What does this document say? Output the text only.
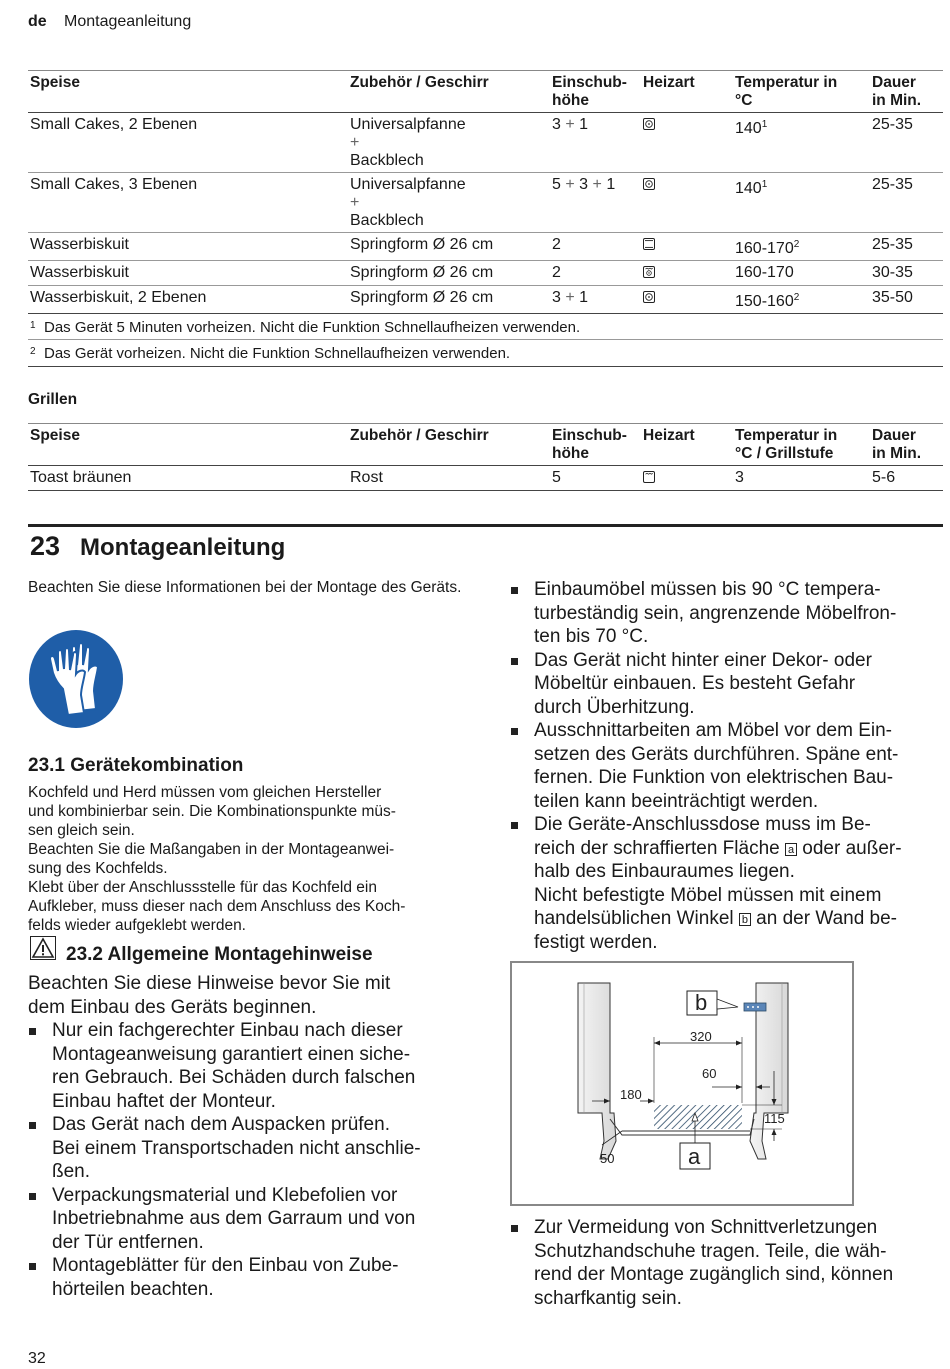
de Montageanleitung
Speise	Zubehör / Geschirr	Einschub-
höhe	Heizart	Temperatur in
°C	Dauer
in Min.
Small Cakes, 2 Ebenen	Universalpfanne
+
Backblech	3 + 1		$140^1$	25-35
Small Cakes, 3 Ebenen	Universalpfanne
+
Backblech	5 + 3 + 1		$140^1$	25-35
Wasserbiskuit	Springform Ø 26 cm	2		$160-170^2$	25-35
Wasserbiskuit	Springform Ø 26 cm	2		160-170	30-35
Wasserbiskuit, 2 Ebenen	Springform Ø 26 cm	3 + 1		$150-160^2$	35-50
1 Das Gerät 5 Minuten vorheizen. Nicht die Funktion Schnellaufheizen verwenden.					
2 Das Gerät vorheizen. Nicht die Funktion Schnellaufheizen verwenden.					
Grillen
Speise	Zubehör / Geschirr	Einschub-
höhe	Heizart	Temperatur in
°C / Grillstufe	Dauer
in Min.
Toast bräunen	Rost	5		3	5-6
23 Montageanleitung
Beachten Sie diese Informationen bei der Montage des Geräts.
23.1 Gerätekombination
Kochfeld und Herd müssen vom gleichen Hersteller
und kombinierbar sein. Die Kombinationspunkte müs-
sen gleich sein.
Beachten Sie die Maßangaben in der Montageanwei-
sung des Kochfelds.
Klebt über der Anschlussstelle für das Kochfeld ein
Aufkleber, muss dieser nach dem Anschluss des Koch-
felds wieder aufgeklebt werden.
23.2 Allgemeine Montagehinweise
Beachten Sie diese Hinweise bevor Sie mit
dem Einbau des Geräts beginnen.
Nur ein fachgerechter Einbau nach dieser
Montageanweisung garantiert einen siche-
ren Gebrauch. Bei Schäden durch falschen
Einbau haftet der Monteur.
Das Gerät nach dem Auspacken prüfen.
Bei einem Transportschaden nicht anschlie-
ßen.
Verpackungsmaterial und Klebefolien vor
Inbetriebnahme aus dem Garraum und von
der Tür entfernen.
Montageblätter für den Einbau von Zube-
hörteilen beachten.
Einbaumöbel müssen bis 90 °C tempera-
turbeständig sein, angrenzende Möbelfron-
ten bis 70 °C.
Das Gerät nicht hinter einer Dekor- oder
Möbeltür einbauen. Es besteht Gefahr
durch Überhitzung.
Ausschnittarbeiten am Möbel vor dem Ein-
setzen des Geräts durchführen. Späne ent-
fernen. Die Funktion von elektrischen Bau-
teilen kann beeinträchtigt werden.
Die Geräte-Anschlussdose muss im Be-
reich der schraffierten Fläche a oder außer-
halb des Einbauraumes liegen.
Nicht befestigte Möbel müssen mit einem
handelsüblichen Winkel b an der Wand be-
festigt werden.
320
60
180
115
50	a
b
Zur Vermeidung von Schnittverletzungen
Schutzhandschuhe tragen. Teile, die wäh-
rend der Montage zugänglich sind, können
scharfkantig sein.
32
